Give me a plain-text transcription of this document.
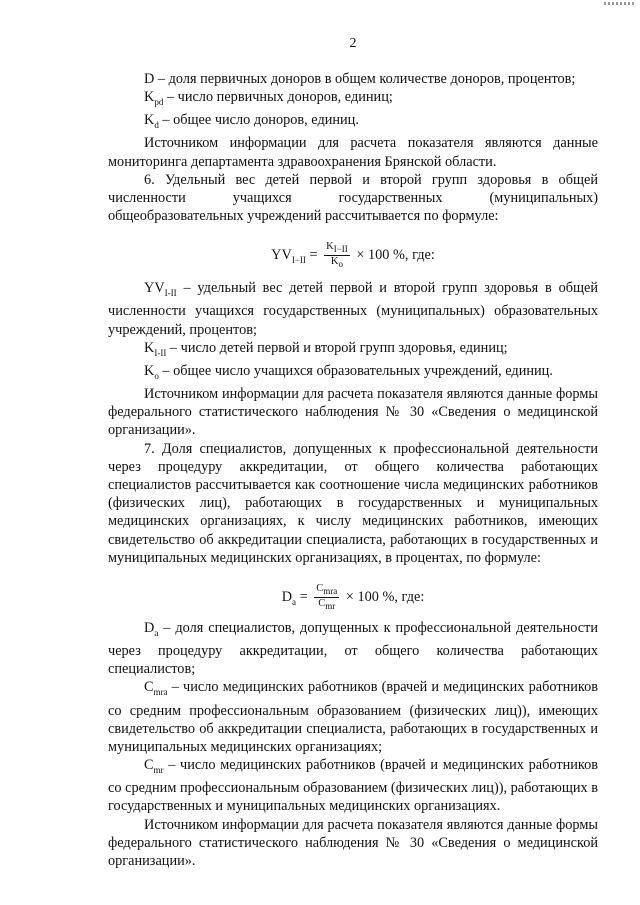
2

D – доля первичных доноров в общем количестве доноров, процентов;

$K_{pd}$ – число первичных доноров, единиц;

$K_d$ – общее число доноров, единиц.

Источником информации для расчета показателя являются данные мониторинга департамента здравоохранения Брянской области.

6. Удельный вес детей первой и второй групп здоровья в общей численности учащихся государственных (муниципальных) общеобразовательных учреждений рассчитывается по формуле:

$YV_{I-II} = \frac{K_{I-II}}{K_o} \times 100$ %, где:

$YV_{I-II}$ – удельный вес детей первой и второй групп здоровья в общей численности учащихся государственных (муниципальных) образовательных учреждений, процентов;

$K_{I-II}$ – число детей первой и второй групп здоровья, единиц;

$K_o$ – общее число учащихся образовательных учреждений, единиц.

Источником информации для расчета показателя являются данные формы федерального статистического наблюдения № 30 «Сведения о медицинской организации».

7. Доля специалистов, допущенных к профессиональной деятельности через процедуру аккредитации, от общего количества работающих специалистов рассчитывается как соотношение числа медицинских работников (физических лиц), работающих в государственных и муниципальных медицинских организациях, к числу медицинских работников, имеющих свидетельство об аккредитации специалиста, работающих в государственных и муниципальных медицинских организациях, в процентах, по формуле:

$D_a = \frac{C_{mra}}{C_{mr}} \times 100$ %, где:

$D_a$ – доля специалистов, допущенных к профессиональной деятельности через процедуру аккредитации, от общего количества работающих специалистов;

$C_{mra}$ – число медицинских работников (врачей и медицинских работников со средним профессиональным образованием (физических лиц)), имеющих свидетельство об аккредитации специалиста, работающих в государственных и муниципальных медицинских организациях;

$C_{mr}$ – число медицинских работников (врачей и медицинских работников со средним профессиональным образованием (физических лиц)), работающих в государственных и муниципальных медицинских организациях.

Источником информации для расчета показателя являются данные формы федерального статистического наблюдения № 30 «Сведения о медицинской организации».
